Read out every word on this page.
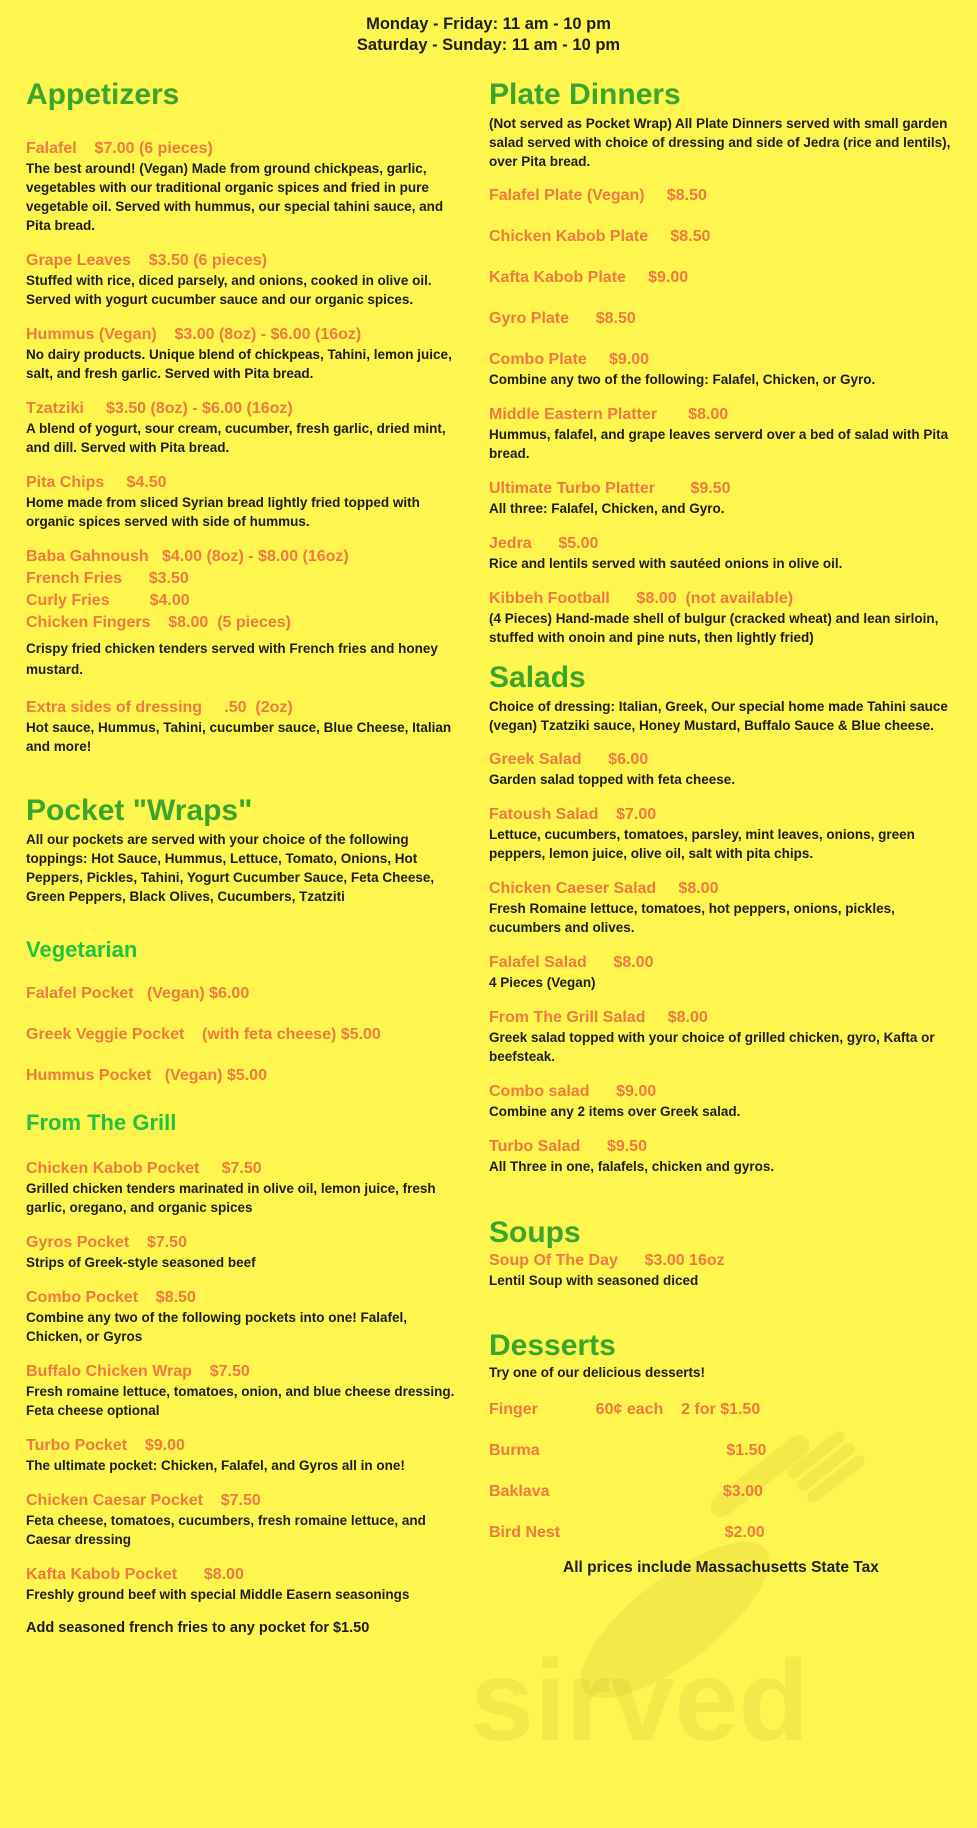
sirved
Monday - Friday: 11 am - 10 pm
Saturday - Sunday: 11 am - 10 pm
Appetizers
Falafel    $7.00 (6 pieces)
The best around! (Vegan) Made from ground chickpeas, garlic, vegetables with our traditional organic spices and fried in pure vegetable oil. Served with hummus, our special tahini sauce, and Pita bread.
Grape Leaves    $3.50 (6 pieces)
Stuffed with rice, diced parsely, and onions, cooked in olive oil. Served with yogurt cucumber sauce and our organic spices.
Hummus (Vegan)    $3.00 (8oz) - $6.00 (16oz)
No dairy products. Unique blend of chickpeas, Tahini, lemon juice, salt, and fresh garlic. Served with Pita bread.
Tzatziki     $3.50 (8oz) - $6.00 (16oz)
A blend of yogurt, sour cream, cucumber, fresh garlic, dried mint, and dill. Served with Pita bread.
Pita Chips     $4.50
Home made from sliced Syrian bread lightly fried topped with organic spices served with side of hummus.
Baba Gahnoush   $4.00 (8oz) - $8.00 (16oz)
French Fries      $3.50
Curly Fries         $4.00
Chicken Fingers    $8.00  (5 pieces)
Crispy fried chicken tenders served with French fries and honey mustard.
Extra sides of dressing     .50  (2oz)
Hot sauce, Hummus, Tahini, cucumber sauce, Blue Cheese, Italian and more!
Pocket "Wraps"
All our pockets are served with your choice of the following toppings: Hot Sauce, Hummus, Lettuce, Tomato, Onions, Hot Peppers, Pickles, Tahini, Yogurt Cucumber Sauce, Feta Cheese, Green Peppers, Black Olives, Cucumbers, Tzatziti
Vegetarian
Falafel Pocket   (Vegan) $6.00
Greek Veggie Pocket    (with feta cheese) $5.00
Hummus Pocket   (Vegan) $5.00
From The Grill
Chicken Kabob Pocket     $7.50
Grilled chicken tenders marinated in olive oil, lemon juice, fresh garlic, oregano, and organic spices
Gyros Pocket    $7.50
Strips of Greek-style seasoned beef
Combo Pocket    $8.50
Combine any two of the following pockets into one! Falafel, Chicken, or Gyros
Buffalo Chicken Wrap    $7.50
Fresh romaine lettuce, tomatoes, onion, and blue cheese dressing. Feta cheese optional
Turbo Pocket    $9.00
The ultimate pocket: Chicken, Falafel, and Gyros all in one!
Chicken Caesar Pocket    $7.50
Feta cheese, tomatoes, cucumbers, fresh romaine lettuce, and Caesar dressing
Kafta Kabob Pocket      $8.00
Freshly ground beef with special Middle Easern seasonings
Add seasoned french fries to any pocket for $1.50
Plate Dinners
(Not served as Pocket Wrap) All Plate Dinners served with small garden salad served with choice of dressing and side of Jedra (rice and lentils), over Pita bread.
Falafel Plate (Vegan)     $8.50
Chicken Kabob Plate     $8.50
Kafta Kabob Plate     $9.00
Gyro Plate      $8.50
Combo Plate     $9.00
Combine any two of the following: Falafel, Chicken, or Gyro.
Middle Eastern Platter       $8.00
Hummus, falafel, and grape leaves serverd over a bed of salad with Pita bread.
Ultimate Turbo Platter        $9.50
All three: Falafel, Chicken, and Gyro.
Jedra      $5.00
Rice and lentils served with sautéed onions in olive oil.
Kibbeh Football      $8.00  (not available)
(4 Pieces) Hand-made shell of bulgur (cracked wheat) and lean sirloin, stuffed with onoin and pine nuts, then lightly fried)
Salads
Choice of dressing: Italian, Greek, Our special home made Tahini sauce (vegan) Tzatziki sauce, Honey Mustard, Buffalo Sauce & Blue cheese.
Greek Salad      $6.00
Garden salad topped with feta cheese.
Fatoush Salad    $7.00
Lettuce, cucumbers, tomatoes, parsley, mint leaves, onions, green peppers, lemon juice, olive oil, salt with pita chips.
Chicken Caeser Salad     $8.00
Fresh Romaine lettuce, tomatoes, hot peppers, onions, pickles, cucumbers and olives.
Falafel Salad      $8.00
4 Pieces (Vegan)
From The Grill Salad     $8.00
Greek salad topped with your choice of grilled chicken, gyro, Kafta or beefsteak.
Combo salad      $9.00
Combine any 2 items over Greek salad.
Turbo Salad      $9.50
All Three in one, falafels, chicken and gyros.
Soups
Soup Of The Day      $3.00 16oz
Lentil Soup with seasoned diced
Desserts
Try one of our delicious desserts!
Finger             60¢ each    2 for $1.50
Burma                                          $1.50
Baklava                                       $3.00
Bird Nest                                     $2.00
All prices include Massachusetts State Tax
